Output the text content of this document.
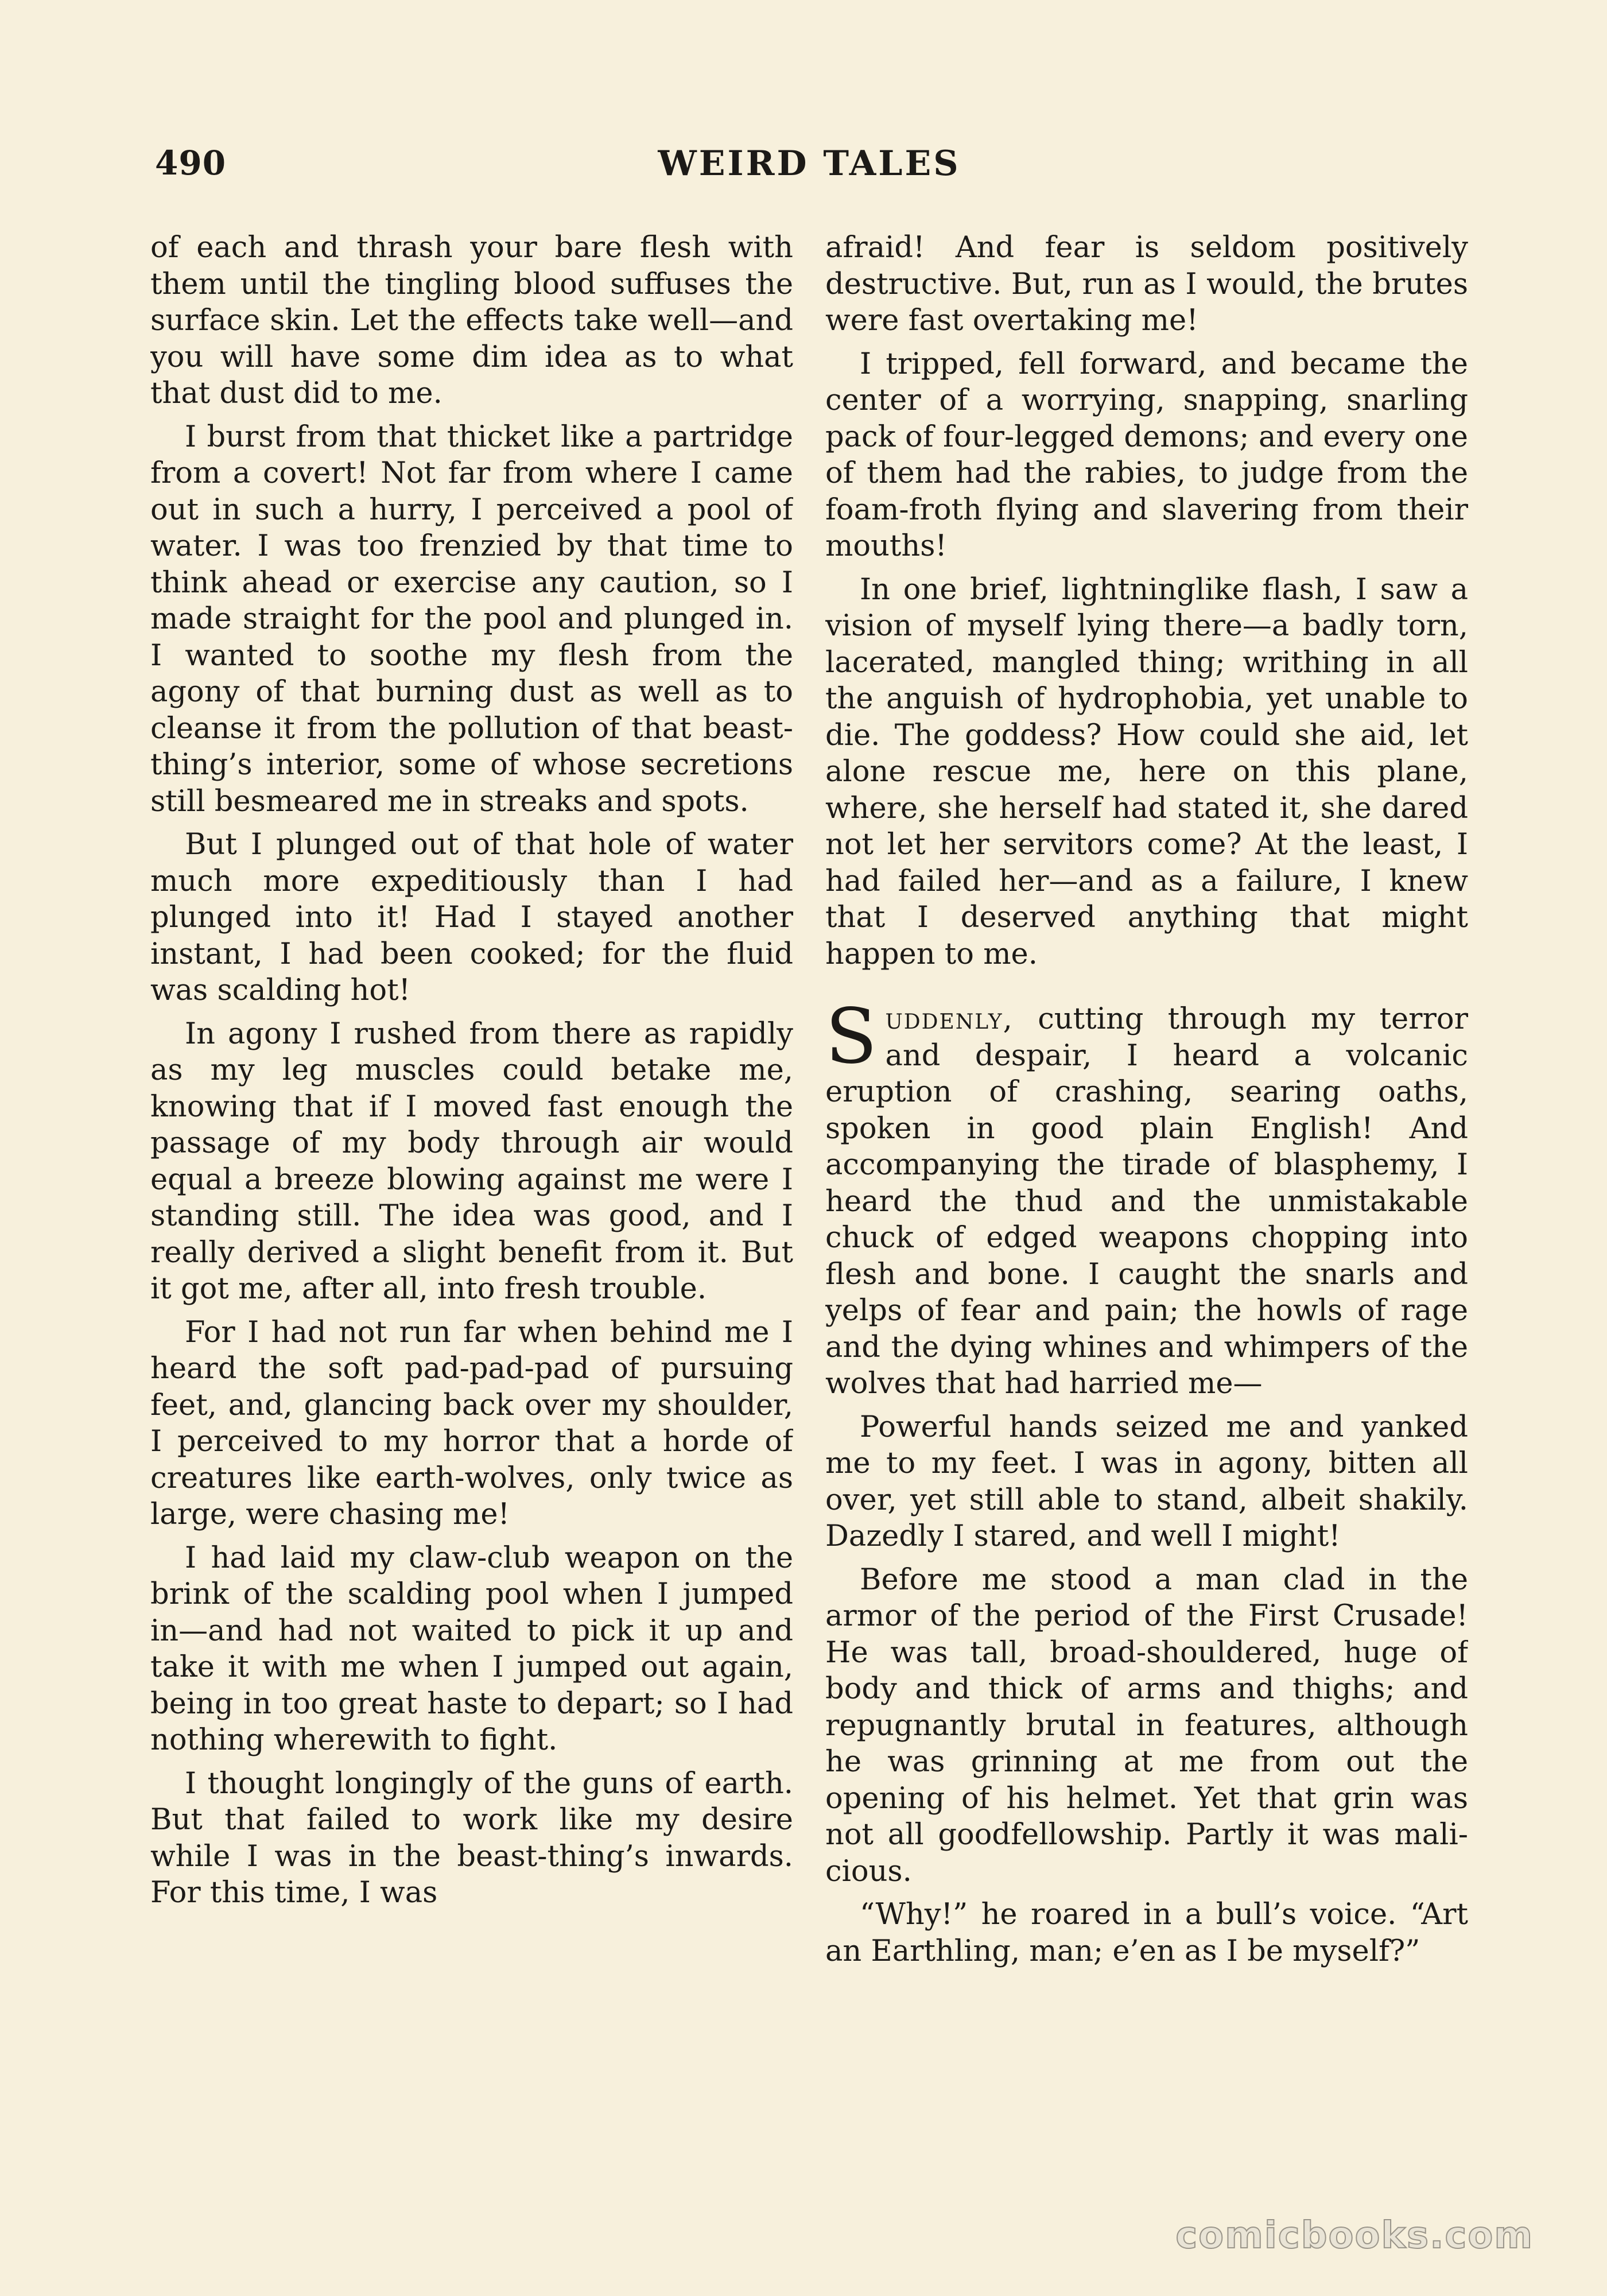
490	WEIRD TALES

of each and thrash your bare flesh with them until the tingling blood suffuses the surface skin. Let the effects take well—and you will have some dim idea as to what that dust did to me.

I burst from that thicket like a partridge from a covert! Not far from where I came out in such a hurry, I perceived a pool of water. I was too frenzied by that time to think ahead or exercise any caution, so I made straight for the pool and plunged in. I wanted to soothe my flesh from the agony of that burning dust as well as to cleanse it from the pollution of that beast-thing’s interior, some of whose secretions still besmeared me in streaks and spots.

But I plunged out of that hole of water much more expeditiously than I had plunged into it! Had I stayed another instant, I had been cooked; for the fluid was scalding hot!

In agony I rushed from there as rapidly as my leg muscles could betake me, knowing that if I moved fast enough the passage of my body through air would equal a breeze blowing against me were I standing still. The idea was good, and I really derived a slight benefit from it. But it got me, after all, into fresh trouble.

For I had not run far when behind me I heard the soft pad-pad-pad of pursuing feet, and, glancing back over my shoulder, I perceived to my horror that a horde of creatures like earth-wolves, only twice as large, were chasing me!

I had laid my claw-club weapon on the brink of the scalding pool when I jumped in—and had not waited to pick it up and take it with me when I jumped out again, being in too great haste to depart; so I had nothing wherewith to fight.

I thought longingly of the guns of earth. But that failed to work like my desire while I was in the beast-thing’s inwards. For this time, I was

afraid! And fear is seldom positively destructive. But, run as I would, the brutes were fast overtaking me!

I tripped, fell forward, and became the center of a worrying, snapping, snarling pack of four-legged demons; and every one of them had the rabies, to judge from the foam-froth flying and slavering from their mouths!

In one brief, lightninglike flash, I saw a vision of myself lying there—a badly torn, lacerated, mangled thing; writhing in all the anguish of hydrophobia, yet unable to die. The goddess? How could she aid, let alone rescue me, here on this plane, where, she herself had stated it, she dared not let her servitors come? At the least, I had failed her—and as a failure, I knew that I deserved anything that might happen to me.

Suddenly, cutting through my terror and despair, I heard a volcanic eruption of crashing, searing oaths, spoken in good plain English! And accompanying the tirade of blasphemy, I heard the thud and the unmistakable chuck of edged weapons chopping into flesh and bone. I caught the snarls and yelps of fear and pain; the howls of rage and the dying whines and whimpers of the wolves that had harried me—

Powerful hands seized me and yanked me to my feet. I was in agony, bitten all over, yet still able to stand, albeit shakily. Dazedly I stared, and well I might!

Before me stood a man clad in the armor of the period of the First Crusade! He was tall, broad-shouldered, huge of body and thick of arms and thighs; and repugnantly brutal in features, although he was grinning at me from out the opening of his helmet. Yet that grin was not all goodfellowship. Partly it was malicious.

“Why!” he roared in a bull’s voice. “Art an Earthling, man; e’en as I be myself?”

comicbooks.com
